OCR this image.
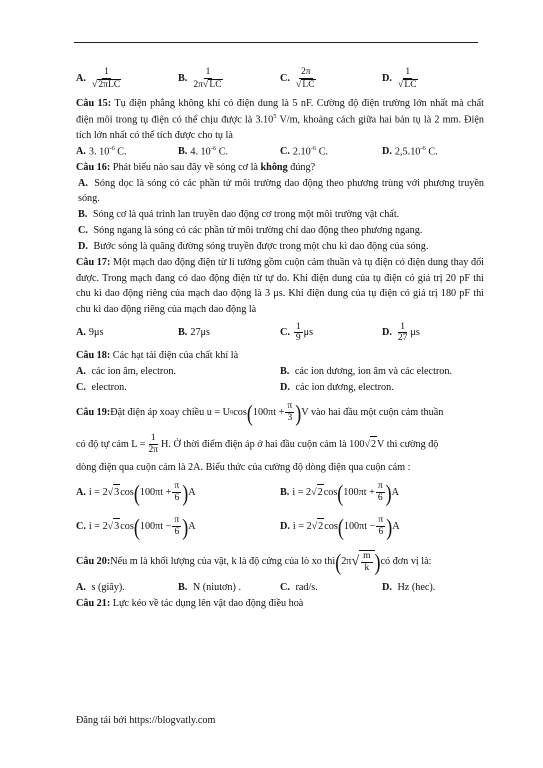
A. $\frac{1}{\text{√2πLC}}$	B. $\frac{1}{2\pi√LC}$	C. $\frac{2\pi}{√LC}$	D. $\frac{1}{√LC}$
Câu 15: Tụ điện phẳng không khí có điện dung là 5 nF. Cường độ điện trường lớn nhất mà chất điện môi trong tụ điện có thể chịu được là 3.10$^5$ V/m, khoảng cách giữa hai bản tụ là 2 mm. Điện tích lớn nhất có thể tích được cho tụ là
A. 3. $10^{-6}$ C.	B. 4. $10^{-6}$ C.	C. $2.10^{-6}$ C.	D. $2,5.10^{-6}$ C.
Câu 16: Phát biểu nào sau đây về sóng cơ là không đúng?
A. Sóng dọc là sóng có các phần tử môi trường dao động theo phương trùng với phương truyền sóng.
B. Sóng cơ là quá trình lan truyền dao động cơ trong một môi trường vật chất.
C. Sóng ngang là sóng có các phần tử môi trường chỉ dao động theo phương ngang.
D. Bước sóng là quãng đường sóng truyền được trong một chu kì dao động của sóng.
Câu 17: Một mạch dao động điện từ lí tưởng gồm cuộn cảm thuần và tụ điện có điện dung thay đổi được. Trong mạch đang có dao động điện từ tự do. Khi điện dung của tụ điện có giá trị 20 pF thì chu kì dao động riêng của mạch dao động là 3 μs. Khi điện dung của tụ điện có giá trị 180 pF thì chu kì dao động riêng của mạch dao động là
A. 9μs	B. 27μs	C. $\frac{1}{9}$ μs	D. $\frac{1}{27}$ μs
Câu 18: Các hạt tải điện của chất khí là
A. các ion âm, electron.	B. các ion dương, ion âm và các electron.
C. electron.	D. các ion dương, electron.
Câu 19: Đặt điện áp xoay chiều u = U 0 cos ( $100\pi t + \frac{\pi}{3}$ ) V vào hai đầu một cuộn cảm thuần
có độ tự cảm $L = \frac{1}{2\pi} H$. Ở thời điểm điện áp ở hai đầu cuộn cảm là 100 √ 2 V thì cường độ
dòng điện qua cuộn cảm là 2A. Biểu thức của cường độ dòng điện qua cuộn cảm :
A. i = 2 √ 3 cos ( $100\pi t + \frac{\pi}{6}$ ) A	B. i = 2 √ 2 cos ( $100\pi t + \frac{\pi}{6}$ ) A
C. i = 2 √ 3 cos ( $100\pi t - \frac{\pi}{6}$ ) A	D. i = 2 √ 2 cos ( $100\pi t - \frac{\pi}{6}$ ) A
Câu 20: Nếu m là khối lượng của vật, k là độ cứng của lò xo thì ( 2π √ $\frac{m}{k}$ ) có đơn vị là:
A. s (giây).	B. N (niutơn) .	C. rad/s.	D. Hz (hec).
Câu 21: Lực kéo về tác dụng lên vật dao động điều hoà
Đăng tải bởi https://blogvatly.com
